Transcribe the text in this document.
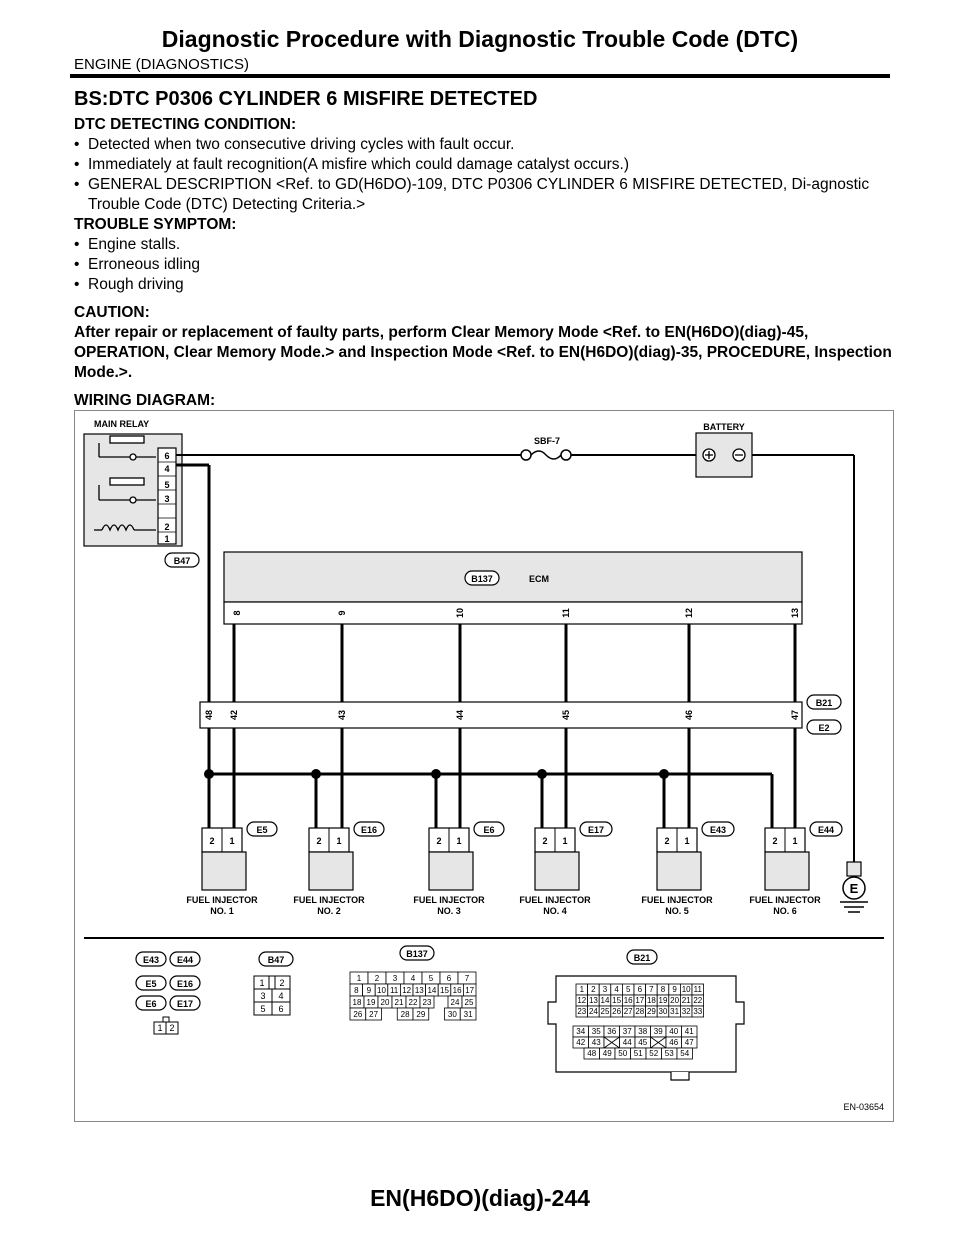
Diagnostic Procedure with Diagnostic Trouble Code (DTC)
ENGINE (DIAGNOSTICS)
BS:DTC P0306 CYLINDER 6 MISFIRE DETECTED

DTC DETECTING CONDITION:

• Detected when two consecutive driving cycles with fault occur.

• Immediately at fault recognition(A misfire which could damage catalyst occurs.)

• GENERAL DESCRIPTION <Ref. to GD(H6DO)-109, DTC P0306 CYLINDER 6 MISFIRE DETECTED, Di-agnostic Trouble Code (DTC) Detecting Criteria.>

TROUBLE SYMPTOM:

• Engine stalls.

• Erroneous idling

• Rough driving

CAUTION:

After repair or replacement of faulty parts, perform Clear Memory Mode <Ref. to EN(H6DO)(diag)-45, OPERATION, Clear Memory Mode.> and Inspection Mode <Ref. to EN(H6DO)(diag)-35, PROCEDURE, Inspection Mode.>.

WIRING DIAGRAM:

MAIN RELAY
6
4
5
3
2
1
B47
SBF-7
BATTERY
E
B137	ECM
8	9	10	11	12	13
48 42	43	44	45	46	47
B21
E2
2 1
E5
FUEL INJECTOR
NO. 1
2 1
E16
FUEL INJECTOR
NO. 2
2 1
E6
FUEL INJECTOR
NO. 3
2 1
E17
FUEL INJECTOR
NO. 4
2 1
E43
FUEL INJECTOR
NO. 5
2 1
E44
FUEL INJECTOR
NO. 6
E43 E44
E5 E16
E6 E17
1 2
B47
1 2
3 4
5 6
B137
1 2 3 4 5 6 7
8 9 10 11 12 13 14 15 16 17
18 19 20 21 22 23 24 25
26 27	28 29	30 31
B21
1 2 3 4 5 6 7 8 9 10 11
12 13 14 15 16 17 18 19 20 21 22
23 24 25 26 27 28 29 30 31 32 33
34 35 36 37 38 39 40 41
42 43	44 45	46 47
48 49 50 51 52 53 54
EN-03654
EN(H6DO)(diag)-244
